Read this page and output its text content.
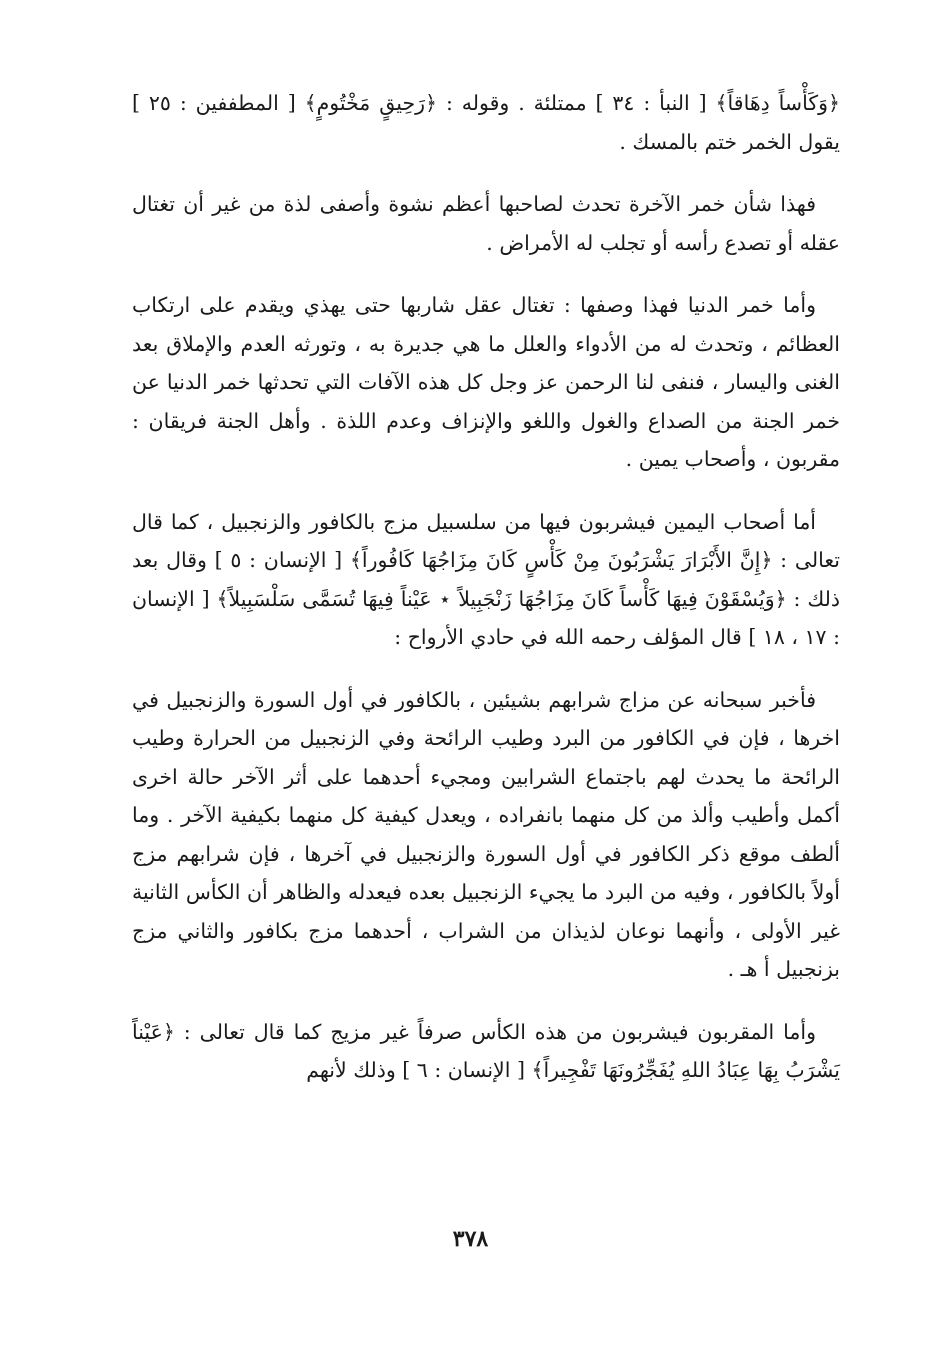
﴿وَكَأْساً دِهَاقاً﴾ [ النبأ : ٣٤ ] ممتلئة . وقوله : ﴿رَحِيقٍ مَخْتُومٍ﴾ [ المطففين : ٢٥ ] يقول الخمر ختم بالمسك .

فهذا شأن خمر الآخرة تحدث لصاحبها أعظم نشوة وأصفى لذة من غير أن تغتال عقله أو تصدع رأسه أو تجلب له الأمراض .

وأما خمر الدنيا فهذا وصفها : تغتال عقل شاربها حتى يهذي ويقدم على ارتكاب العظائم ، وتحدث له من الأدواء والعلل ما هي جديرة به ، وتورثه العدم والإملاق بعد الغنى واليسار ، فنفى لنا الرحمن عز وجل كل هذه الآفات التي تحدثها خمر الدنيا عن خمر الجنة من الصداع والغول واللغو والإنزاف وعدم اللذة . وأهل الجنة فريقان : مقربون ، وأصحاب يمين .

أما أصحاب اليمين فيشربون فيها من سلسبيل مزج بالكافور والزنجبيل ، كما قال تعالى : ﴿إِنَّ الأَبْرَارَ يَشْرَبُونَ مِنْ كَأْسٍ كَانَ مِزَاجُهَا كَافُوراً﴾ [ الإنسان : ٥ ] وقال بعد ذلك : ﴿وَيُسْقَوْنَ فِيهَا كَأْساً كَانَ مِزَاجُهَا زَنْجَبِيلاً ⋆ عَيْناً فِيهَا تُسَمَّى سَلْسَبِيلاً﴾ [ الإنسان : ١٧ ، ١٨ ] قال المؤلف رحمه الله في حادي الأرواح :

فأخبر سبحانه عن مزاج شرابهم بشيئين ، بالكافور في أول السورة والزنجبيل في اخرها ، فإن في الكافور من البرد وطيب الرائحة وفي الزنجبيل من الحرارة وطيب الرائحة ما يحدث لهم باجتماع الشرابين ومجيء أحدهما على أثر الآخر حالة اخرى أكمل وأطيب وألذ من كل منهما بانفراده ، ويعدل كيفية كل منهما بكيفية الآخر . وما ألطف موقع ذكر الكافور في أول السورة والزنجبيل في آخرها ، فإن شرابهم مزج أولاً بالكافور ، وفيه من البرد ما يجيء الزنجبيل بعده فيعدله والظاهر أن الكأس الثانية غير الأولى ، وأنهما نوعان لذيذان من الشراب ، أحدهما مزج بكافور والثاني مزج بزنجبيل أ هـ .

وأما المقربون فيشربون من هذه الكأس صرفاً غير مزيج كما قال تعالى : ﴿عَيْناً يَشْرَبُ بِهَا عِبَادُ اللهِ يُفَجِّرُونَهَا تَفْجِيراً﴾ [ الإنسان : ٦ ] وذلك لأنهم

٣٧٨
